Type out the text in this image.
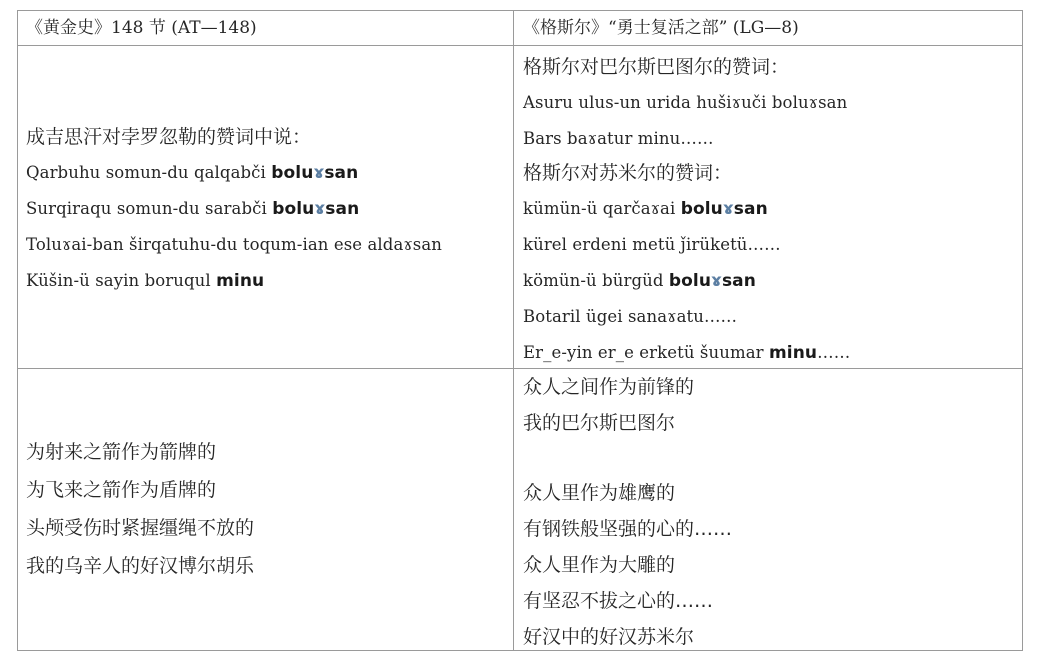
《黄金史》148 节 (AT—148)	《格斯尔》“勇士复活之部” (LG—8)
成吉思汗对孛罗忽勒的赞词中说：
Qarbuhu somun-du qalqabči boluɤsan
Surqiraqu somun-du sarabči boluɤsan
Toluɤai-ban širqatuhu-du toqum-ian ese aldaɤsan
Küšin-ü sayin boruqul minu
格斯尔对巴尔斯巴图尔的赞词：
Asuru ulus-un urida hušiɤuči boluɤsan
Bars baɤatur minu……
格斯尔对苏米尔的赞词：
kümün-ü qarčaɤai boluɤsan
kürel erdeni metü ǰirüketü……
kömün-ü bürgüd boluɤsan
Botaril ügei sanaɤatu……
Er_e-yin er_e erketü šuumar minu……
为射来之箭作为箭牌的
为飞来之箭作为盾牌的
头颅受伤时紧握缰绳不放的
我的乌辛人的好汉博尔胡乐
众人之间作为前锋的
我的巴尔斯巴图尔
众人里作为雄鹰的
有钢铁般坚强的心的……
众人里作为大雕的
有坚忍不拔之心的……
好汉中的好汉苏米尔
